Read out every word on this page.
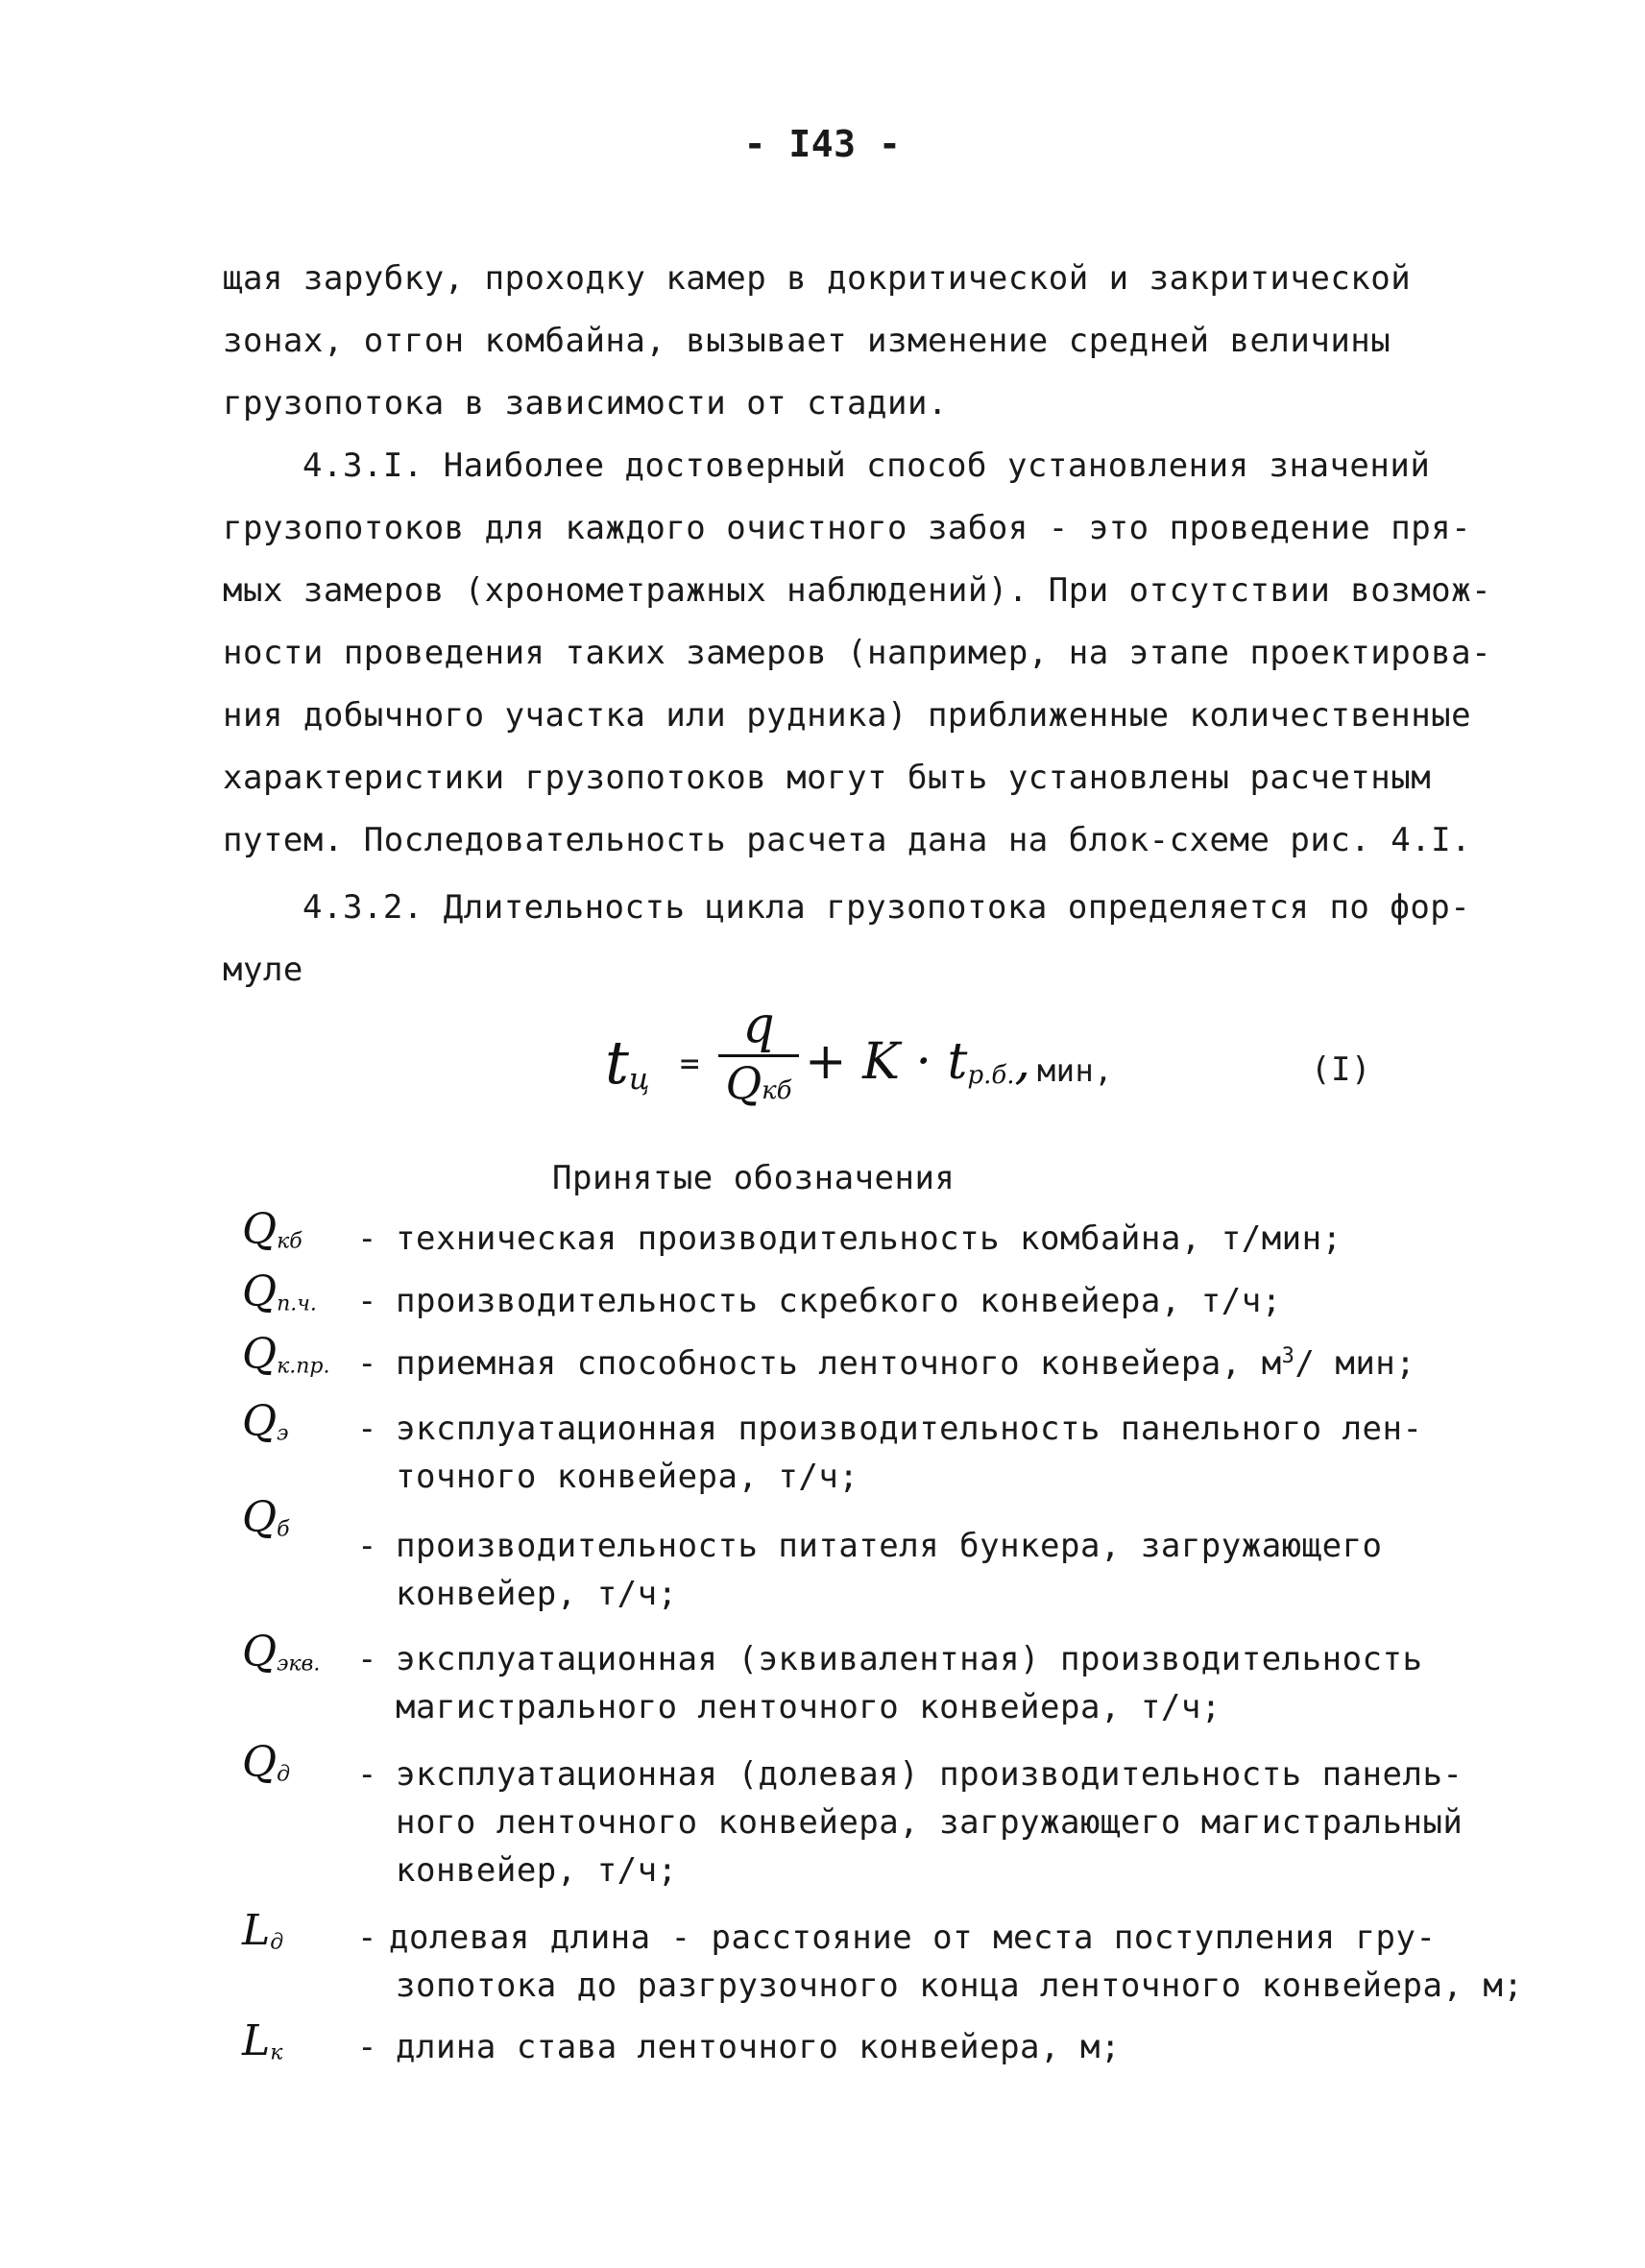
- I43 -
щая зарубку, проходку камер в докритической и закритической
зонах, отгон комбайна, вызывает изменение средней величины
грузопотока в зависимости от стадии.
4.3.I. Наиболее достоверный способ установления значений
грузопотоков для каждого очистного забоя - это проведение пря-
мых замеров (хронометражных наблюдений). При отсутствии возмож-
ности проведения таких замеров (например, на этапе проектирова-
ния добычного участка или рудника) приближенные количественные
характеристики грузопотоков могут быть установлены расчетным
путем. Последовательность расчета дана на блок-схеме рис. 4.I.
4.3.2. Длительность цикла грузопотока определяется по фор-
муле
$t_ц$ =
q
Qкб + $K \cdot t_{р.б.}$, мин,	(I)
Принятые обозначения
$Q_{кб}$ - техническая производительность комбайна, т/мин;
$Q_{п.ч.}$ - производительность скребкого конвейера, т/ч;
$Q_{к.пр.}$ - приемная способность ленточного конвейера, $м^3/$ мин;
$Q_э$ - эксплуатационная производительность панельного лен-
точного конвейера, т/ч;
$Q_б$ - производительность питателя бункера, загружающего
конвейер, т/ч;
$Q_{экв.}$ - эксплуатационная (эквивалентная) производительность
магистрального ленточного конвейера, т/ч;
$Q_д$ - эксплуатационная (долевая) производительность панель-
ного ленточного конвейера, загружающего магистральный
конвейер, т/ч;
$L_д$ - долевая длина - расстояние от места поступления гру-
зопотока до разгрузочного конца ленточного конвейера, м;
$L_к$ - длина става ленточного конвейера, м;
